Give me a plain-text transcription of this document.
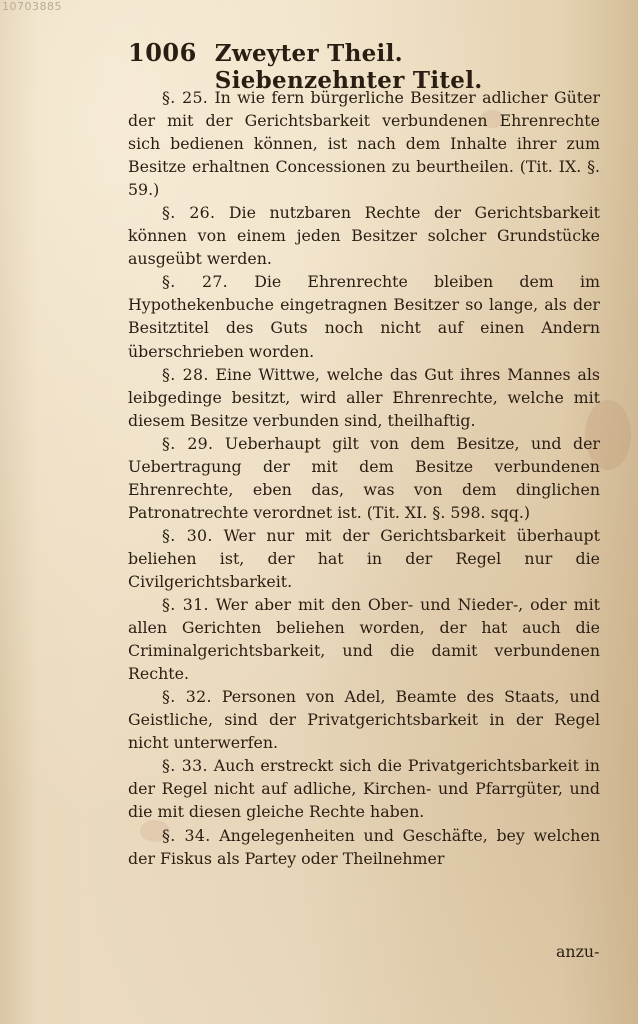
10703885
1006 Zweyter Theil. Siebenzehnter Titel.

§. 25. In wie fern bürgerliche Besitzer adlicher Güter der mit der Gerichtsbarkeit verbundenen Ehrenrechte sich bedienen können, ist nach dem Inhalte ihrer zum Besitze erhaltnen Concessionen zu beurtheilen. (Tit. IX. §. 59.)

§. 26. Die nutzbaren Rechte der Gerichtsbarkeit können von einem jeden Besitzer solcher Grundstücke ausgeübt werden.

§. 27. Die Ehrenrechte bleiben dem im Hypothekenbuche eingetragnen Besitzer so lange, als der Besitztitel des Guts noch nicht auf einen Andern überschrieben worden.

§. 28. Eine Wittwe, welche das Gut ihres Mannes als leibgedinge besitzt, wird aller Ehrenrechte, welche mit diesem Besitze verbunden sind, theilhaftig.

§. 29. Ueberhaupt gilt von dem Besitze, und der Uebertragung der mit dem Besitze verbundenen Ehrenrechte, eben das, was von dem dinglichen Patronatrechte verordnet ist. (Tit. XI. §. 598. sqq.)

§. 30. Wer nur mit der Gerichtsbarkeit überhaupt beliehen ist, der hat in der Regel nur die Civilgerichtsbarkeit.

§. 31. Wer aber mit den Ober- und Nieder-, oder mit allen Gerichten beliehen worden, der hat auch die Criminalgerichtsbarkeit, und die damit verbundenen Rechte.

§. 32. Personen von Adel, Beamte des Staats, und Geistliche, sind der Privatgerichtsbarkeit in der Regel nicht unterwerfen.

§. 33. Auch erstreckt sich die Privatgerichtsbarkeit in der Regel nicht auf adliche, Kirchen- und Pfarrgüter, und die mit diesen gleiche Rechte haben.

§. 34. Angelegenheiten und Geschäfte, bey welchen der Fiskus als Partey oder Theilnehmer

anzu-
